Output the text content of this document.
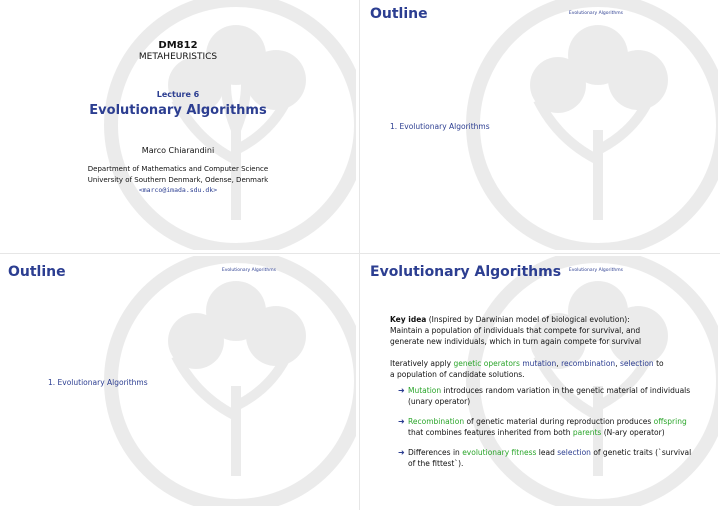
DM812
METAHEURISTICS
Lecture 6
Evolutionary Algorithms
Marco Chiarandini
Department of Mathematics and Computer Science
University of Southern Denmark, Odense, Denmark
<marco@imada.sdu.dk>
Outline	Evolutionary Algorithms
1. Evolutionary Algorithms
Outline	Evolutionary Algorithms
1. Evolutionary Algorithms
Evolutionary Algorithms Evolutionary Algorithms
Key idea (Inspired by Darwinian model of biological evolution):
Maintain a population of individuals that compete for survival, and
generate new individuals, which in turn again compete for survival
Iteratively apply genetic operators mutation, recombination, selection to
a population of candidate solutions.
➜ Mutation introduces random variation in the genetic material of individuals (unary operator)
➜ Recombination of genetic material during reproduction produces offspring that combines features inherited from both parents (N-ary operator)
➜ Differences in evolutionary fitness lead selection of genetic traits (`survival of the fittest`).
